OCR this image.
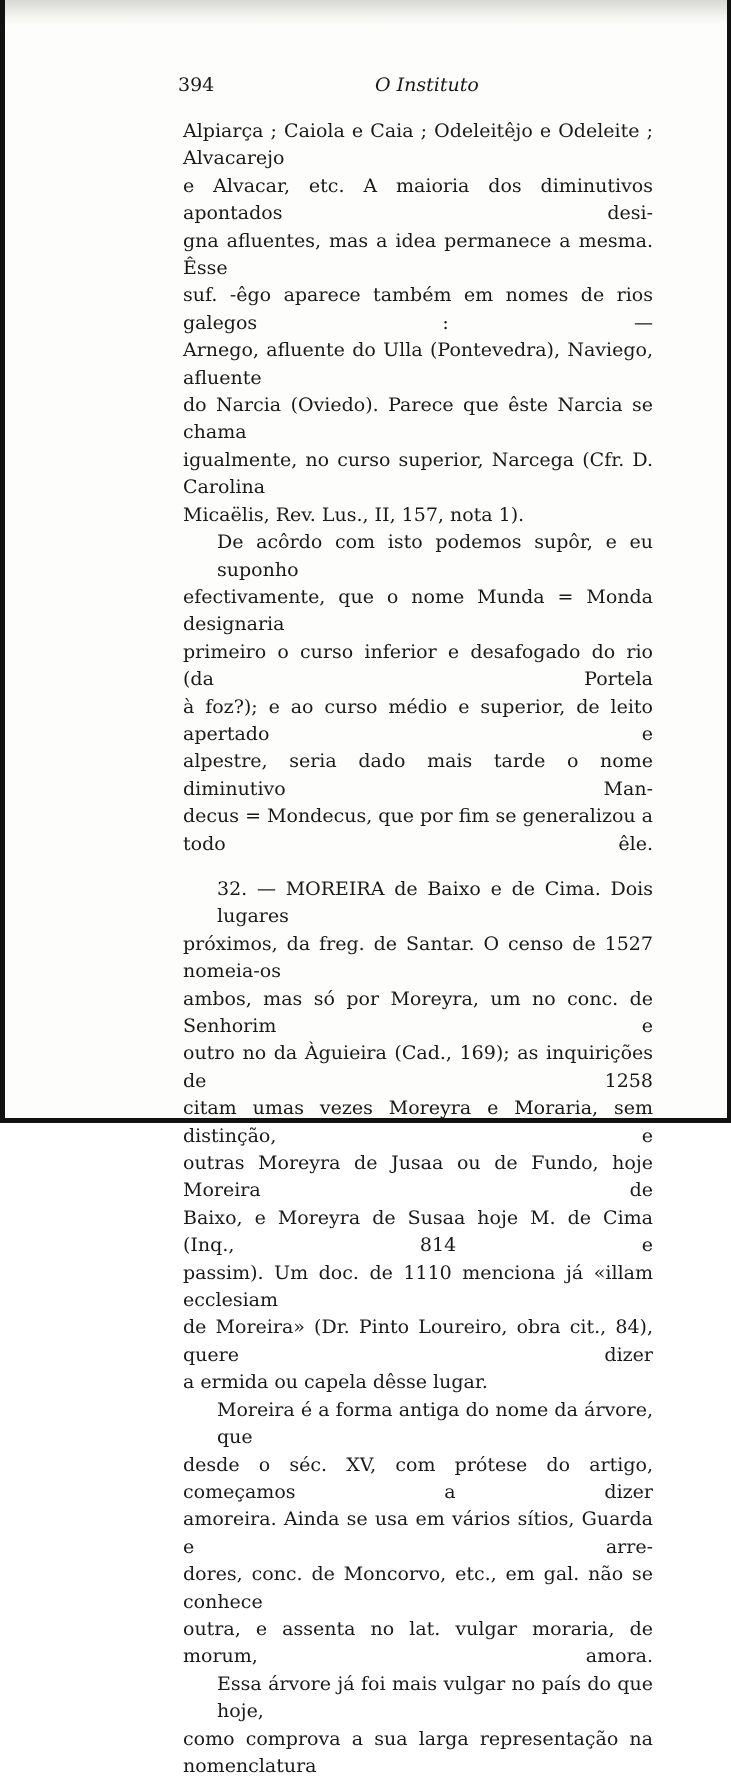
394	O Instituto
Alpiarça ; Caiola e Caia ; Odeleitêjo e Odeleite ; Alvacarejo
e Alvacar, etc. A maioria dos diminutivos apontados desi-
gna afluentes, mas a idea permanece a mesma. Êsse
suf. -êgo aparece também em nomes de rios galegos : —
Arnego, afluente do Ulla (Pontevedra), Naviego, afluente
do Narcia (Oviedo). Parece que êste Narcia se chama
igualmente, no curso superior, Narcega (Cfr. D. Carolina
Micaëlis, Rev. Lus., II, 157, nota 1).
De acôrdo com isto podemos supôr, e eu suponho
efectivamente, que o nome Munda = Monda designaria
primeiro o curso inferior e desafogado do rio (da Portela
à foz?); e ao curso médio e superior, de leito apertado e
alpestre, seria dado mais tarde o nome diminutivo Man-
decus = Mondecus, que por fim se generalizou a todo êle.
32. — MOREIRA de Baixo e de Cima. Dois lugares
próximos, da freg. de Santar. O censo de 1527 nomeia-os
ambos, mas só por Moreyra, um no conc. de Senhorim e
outro no da Àguieira (Cad., 169); as inquirições de 1258
citam umas vezes Moreyra e Moraria, sem distinção, e
outras Moreyra de Jusaa ou de Fundo, hoje Moreira de
Baixo, e Moreyra de Susaa hoje M. de Cima (Inq., 814 e
passim). Um doc. de 1110 menciona já «illam ecclesiam
de Moreira» (Dr. Pinto Loureiro, obra cit., 84), quere dizer
a ermida ou capela dêsse lugar.
Moreira é a forma antiga do nome da árvore, que
desde o séc. XV, com prótese do artigo, começamos a dizer
amoreira. Ainda se usa em vários sítios, Guarda e arre-
dores, conc. de Moncorvo, etc., em gal. não se conhece
outra, e assenta no lat. vulgar moraria, de morum, amora.
Essa árvore já foi mais vulgar no país do que hoje,
como comprova a sua larga representação na nomenclatura
